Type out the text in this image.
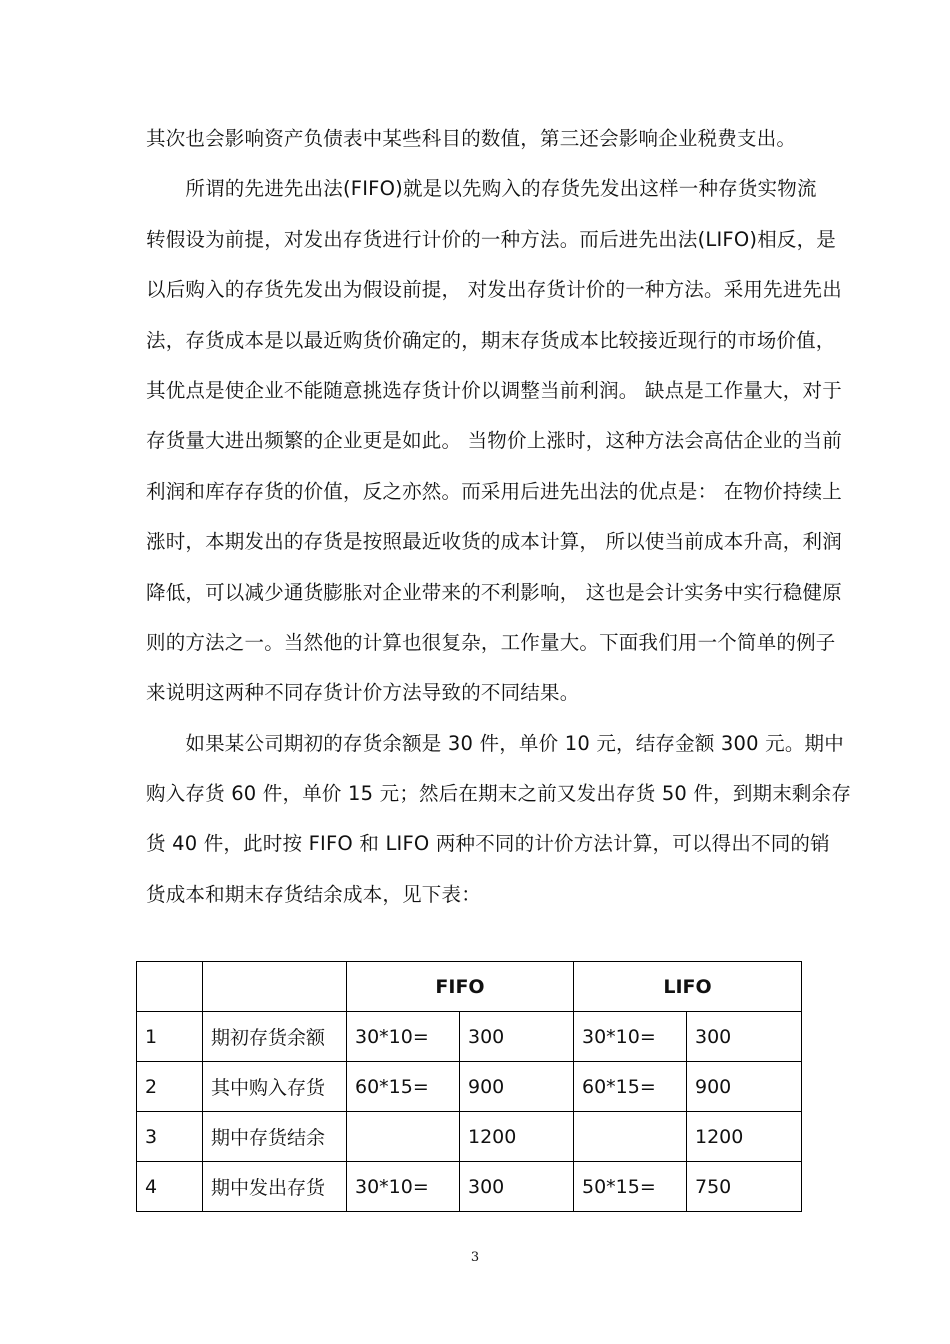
其次也会影响资产负债表中某些科目的数值，第三还会影响企业税费支出。
　　所谓的先进先出法(FIFO)就是以先购入的存货先发出这样一种存货实物流
转假设为前提，对发出存货进行计价的一种方法。而后进先出法(LIFO)相反，是
以后购入的存货先发出为假设前提， 对发出存货计价的一种方法。采用先进先出
法，存货成本是以最近购货价确定的，期末存货成本比较接近现行的市场价值，
其优点是使企业不能随意挑选存货计价以调整当前利润。 缺点是工作量大，对于
存货量大进出频繁的企业更是如此。 当物价上涨时，这种方法会高估企业的当前
利润和库存存货的价值，反之亦然。而采用后进先出法的优点是： 在物价持续上
涨时，本期发出的存货是按照最近收货的成本计算， 所以使当前成本升高，利润
降低，可以减少通货膨胀对企业带来的不利影响， 这也是会计实务中实行稳健原
则的方法之一。当然他的计算也很复杂，工作量大。下面我们用一个简单的例子
来说明这两种不同存货计价方法导致的不同结果。
　　如果某公司期初的存货余额是 30 件，单价 10 元，结存金额 300 元。期中
购入存货 60 件，单价 15 元；然后在期末之前又发出存货 50 件，到期末剩余存
货 40 件，此时按 FIFO 和 LIFO 两种不同的计价方法计算，可以得出不同的销
货成本和期末存货结余成本，见下表：
		FIFO		LIFO	
1	期初存货余额	30*10=	300	30*10=	300
2	其中购入存货	60*15=	900	60*15=	900
3	期中存货结余		1200		1200
4	期中发出存货	30*10=	300	50*15=	750
3
